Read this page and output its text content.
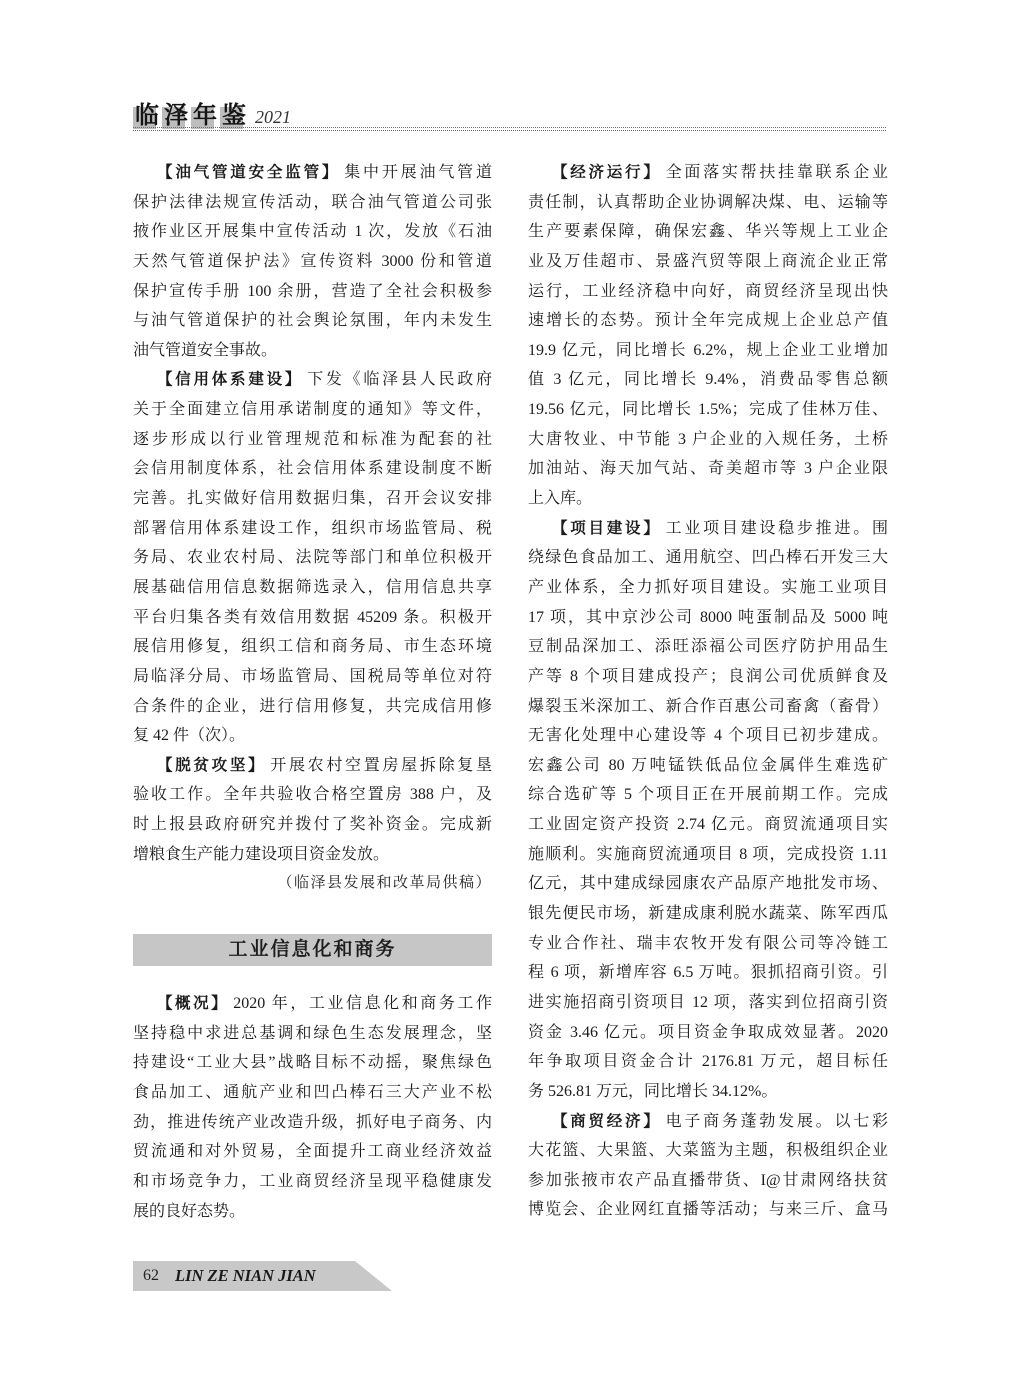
临泽年鉴 2021
【油气管道安全监管】 集中开展油气管道
保护法律法规宣传活动，联合油气管道公司张
掖作业区开展集中宣传活动 1 次，发放《石油
天然气管道保护法》宣传资料 3000 份和管道
保护宣传手册 100 余册，营造了全社会积极参
与油气管道保护的社会舆论氛围，年内未发生
油气管道安全事故。
【信用体系建设】 下发《临泽县人民政府
关于全面建立信用承诺制度的通知》等文件，
逐步形成以行业管理规范和标准为配套的社
会信用制度体系，社会信用体系建设制度不断
完善。扎实做好信用数据归集，召开会议安排
部署信用体系建设工作，组织市场监管局、税
务局、农业农村局、法院等部门和单位积极开
展基础信用信息数据筛选录入，信用信息共享
平台归集各类有效信用数据 45209 条。积极开
展信用修复，组织工信和商务局、市生态环境
局临泽分局、市场监管局、国税局等单位对符
合条件的企业，进行信用修复，共完成信用修
复 42 件（次）。
【脱贫攻坚】 开展农村空置房屋拆除复垦
验收工作。全年共验收合格空置房 388 户，及
时上报县政府研究并拨付了奖补资金。完成新
增粮食生产能力建设项目资金发放。
（临泽县发展和改革局供稿）
工业信息化和商务
【概况】 2020 年，工业信息化和商务工作
坚持稳中求进总基调和绿色生态发展理念，坚
持建设“工业大县”战略目标不动摇，聚焦绿色
食品加工、通航产业和凹凸棒石三大产业不松
劲，推进传统产业改造升级，抓好电子商务、内
贸流通和对外贸易，全面提升工商业经济效益
和市场竞争力，工业商贸经济呈现平稳健康发
展的良好态势。
【经济运行】 全面落实帮扶挂靠联系企业
责任制，认真帮助企业协调解决煤、电、运输等
生产要素保障，确保宏鑫、华兴等规上工业企
业及万佳超市、景盛汽贸等限上商流企业正常
运行，工业经济稳中向好，商贸经济呈现出快
速增长的态势。预计全年完成规上企业总产值
19.9 亿元，同比增长 6.2%，规上企业工业增加
值 3 亿元，同比增长 9.4%，消费品零售总额
19.56 亿元，同比增长 1.5%；完成了佳林万佳、
大唐牧业、中节能 3 户企业的入规任务，土桥
加油站、海天加气站、奇美超市等 3 户企业限
上入库。
【项目建设】 工业项目建设稳步推进。围
绕绿色食品加工、通用航空、凹凸棒石开发三大
产业体系，全力抓好项目建设。实施工业项目
17 项，其中京沙公司 8000 吨蛋制品及 5000 吨
豆制品深加工、添旺添福公司医疗防护用品生
产等 8 个项目建成投产；良润公司优质鲜食及
爆裂玉米深加工、新合作百惠公司畜禽（畜骨）
无害化处理中心建设等 4 个项目已初步建成。
宏鑫公司 80 万吨锰铁低品位金属伴生难选矿
综合选矿等 5 个项目正在开展前期工作。完成
工业固定资产投资 2.74 亿元。商贸流通项目实
施顺利。实施商贸流通项目 8 项，完成投资 1.11
亿元，其中建成绿园康农产品原产地批发市场、
银先便民市场，新建成康利脱水蔬菜、陈军西瓜
专业合作社、瑞丰农牧开发有限公司等冷链工
程 6 项，新增库容 6.5 万吨。狠抓招商引资。引
进实施招商引资项目 12 项，落实到位招商引资
资金 3.46 亿元。项目资金争取成效显著。2020
年争取项目资金合计 2176.81 万元，超目标任
务 526.81 万元，同比增长 34.12%。
【商贸经济】 电子商务蓬勃发展。以七彩
大花篮、大果篮、大菜篮为主题，积极组织企业
参加张掖市农产品直播带货、I@甘肃网络扶贫
博览会、企业网红直播等活动；与来三斤、盒马
62 LIN ZE NIAN JIAN
